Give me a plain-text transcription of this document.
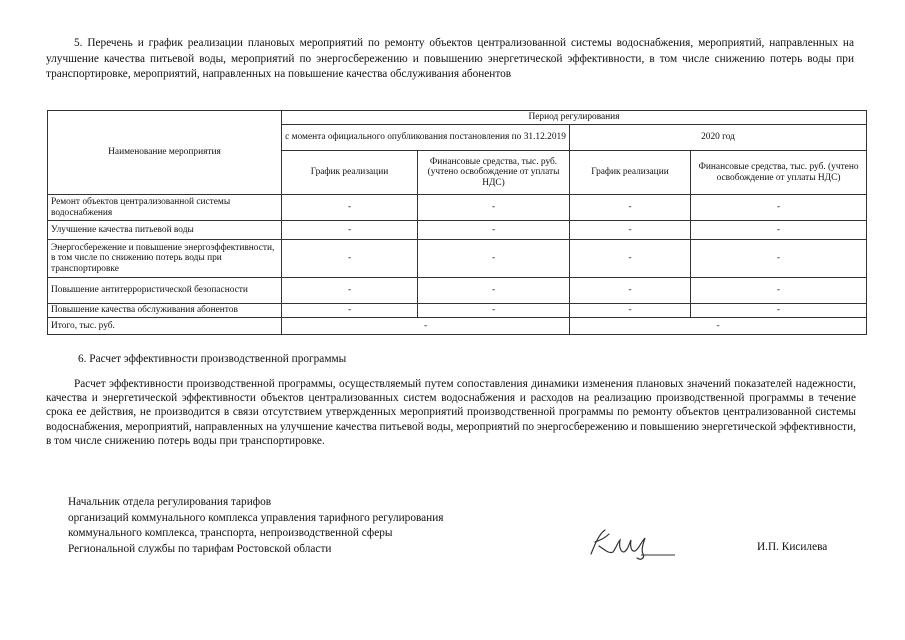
5. Перечень и график реализации плановых мероприятий по ремонту объектов централизованной системы водоснабжения, мероприятий, направленных на улучшение качества питьевой воды, мероприятий по энергосбережению и повышению энергетической эффективности, в том числе снижению потерь воды при транспортировке, мероприятий, направленных на повышение качества обслуживания абонентов

Наименование мероприятия	Период регулирования			
	с момента официального опубликования постановления по 31.12.2019		2020 год	
	График реализации	Финансовые средства, тыс. руб. (учтено освобождение от уплаты НДС)	График реализации	Финансовые средства, тыс. руб. (учтено освобождение от уплаты НДС)
Ремонт объектов централизованной системы водоснабжения	-	-	-	-
Улучшение качества питьевой воды	-	-	-	-
Энергосбережение и повышение энергоэффективности, в том числе по снижению потерь воды при транспортировке	-	-	-	-
Повышение антитеррористической безопасности	-	-	-	-
Повышение качества обслуживания абонентов	-	-	-	-
Итого, тыс. руб.	-		-	

6. Расчет эффективности производственной программы

Расчет эффективности производственной программы, осуществляемый путем сопоставления динамики изменения плановых значений показателей надежности, качества и энергетической эффективности объектов централизованных систем водоснабжения и расходов на реализацию производственной программы в течение срока ее действия, не производится в связи отсутствием утвержденных мероприятий производственной программы по ремонту объектов централизованной системы водоснабжения, мероприятий, направленных на улучшение качества питьевой воды, мероприятий по энергосбережению и повышению энергетической эффективности, в том числе снижению потерь воды при транспортировке.

Начальник отдела регулирования тарифов
организаций коммунального комплекса управления тарифного регулирования
коммунального комплекса, транспорта, непроизводственной сферы
Региональной службы по тарифам Ростовской области	И.П. Кисилева
